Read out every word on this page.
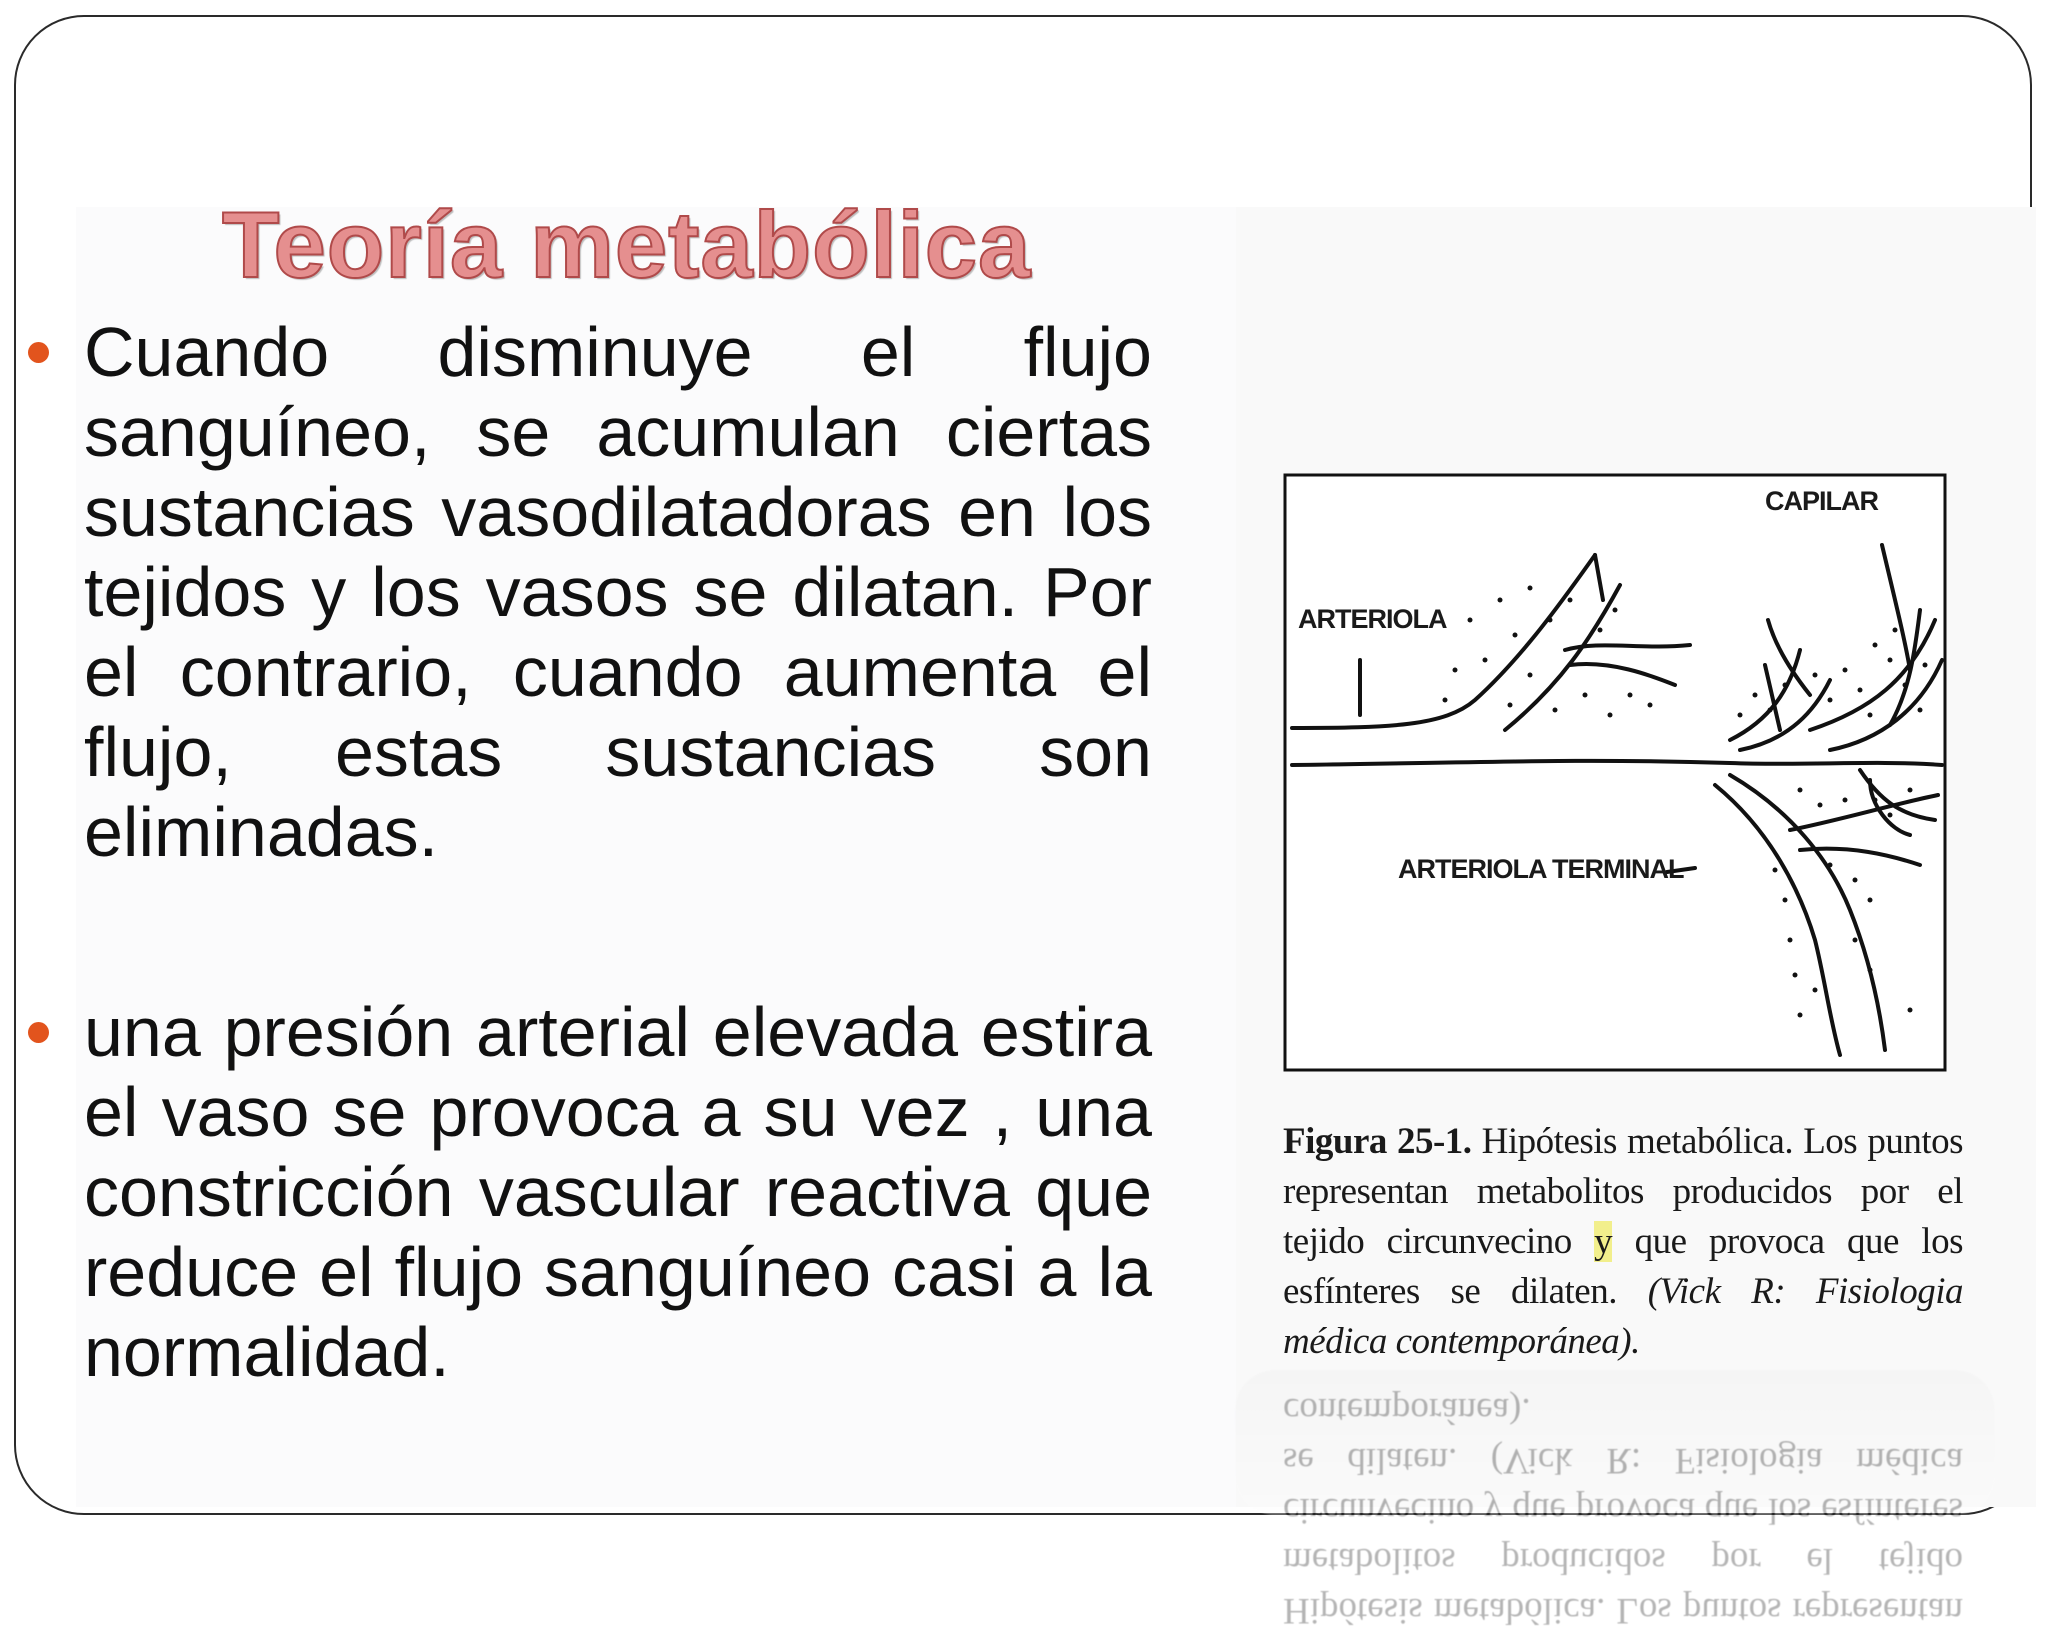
Teoría metabólica
Cuando disminuye el flujo sanguíneo, se acumulan ciertas sustancias vasodilatadoras en los tejidos y los vasos se dilatan. Por el contrario, cuando aumenta el flujo, estas sustancias son eliminadas.
una presión arterial elevada estira el vaso se provoca a su vez , una constricción vascular reactiva que reduce el flujo sanguíneo casi a la normalidad.
CAPILAR
ARTERIOLA
ARTERIOLA TERMINAL
Figura 25-1. Hipótesis metabólica. Los puntos representan metabolitos producidos por el tejido circunvecino y que provoca que los esfínteres se dilaten. (Vick R: Fisiologia médica contemporánea).
Hipótesis metabólica. Los puntos representan metabolitos producidos por el tejido circunvecino y que provoca que los esfínteres se dilaten. (Vick R: Fisiologia médica contemporánea).
